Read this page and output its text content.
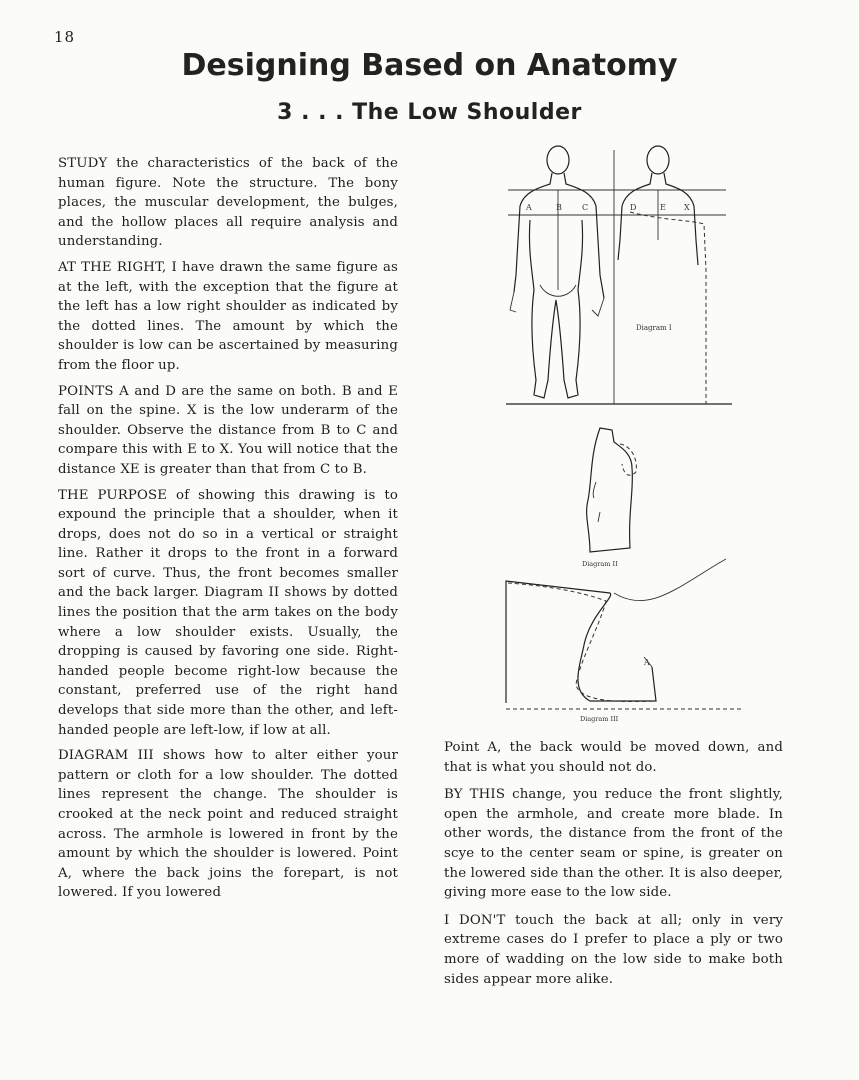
18
Designing Based on Anatomy
3 . . . The Low Shoulder

STUDY the characteristics of the back of the human figure. Note the structure. The bony places, the muscular development, the bulges, and the hollow places all require analysis and understanding.

AT THE RIGHT, I have drawn the same figure as at the left, with the exception that the figure at the left has a low right shoulder as indicated by the dotted lines. The amount by which the shoulder is low can be ascertained by measuring from the floor up.

POINTS A and D are the same on both. B and E fall on the spine. X is the low underarm of the shoulder. Observe the distance from B to C and compare this with E to X. You will notice that the distance XE is greater than that from C to B.

THE PURPOSE of showing this drawing is to expound the principle that a shoulder, when it drops, does not do so in a vertical or straight line. Rather it drops to the front in a forward sort of curve. Thus, the front becomes smaller and the back larger. Diagram II shows by dotted lines the position that the arm takes on the body where a low shoulder exists. Usually, the dropping is caused by favoring one side. Right-handed people become right-low because the constant, preferred use of the right hand develops that side more than the other, and left-handed people are left-low, if low at all.

DIAGRAM III shows how to alter either your pattern or cloth for a low shoulder. The dotted lines represent the change. The shoulder is crooked at the neck point and reduced straight across. The armhole is lowered in front by the amount by which the shoulder is lowered. Point A, where the back joins the forepart, is not lowered. If you lowered

Point A, the back would be moved down, and that is what you should not do.

BY THIS change, you reduce the front slightly, open the armhole, and create more blade. In other words, the distance from the front of the scye to the center seam or spine, is greater on the lowered side than the other. It is also deeper, giving more ease to the low side.

I DON'T touch the back at all; only in very extreme cases do I prefer to place a ply or two more of wadding on the low side to make both sides appear more alike.

A	B	C	D	E X
Diagram I
Diagram II
A
Diagram III
